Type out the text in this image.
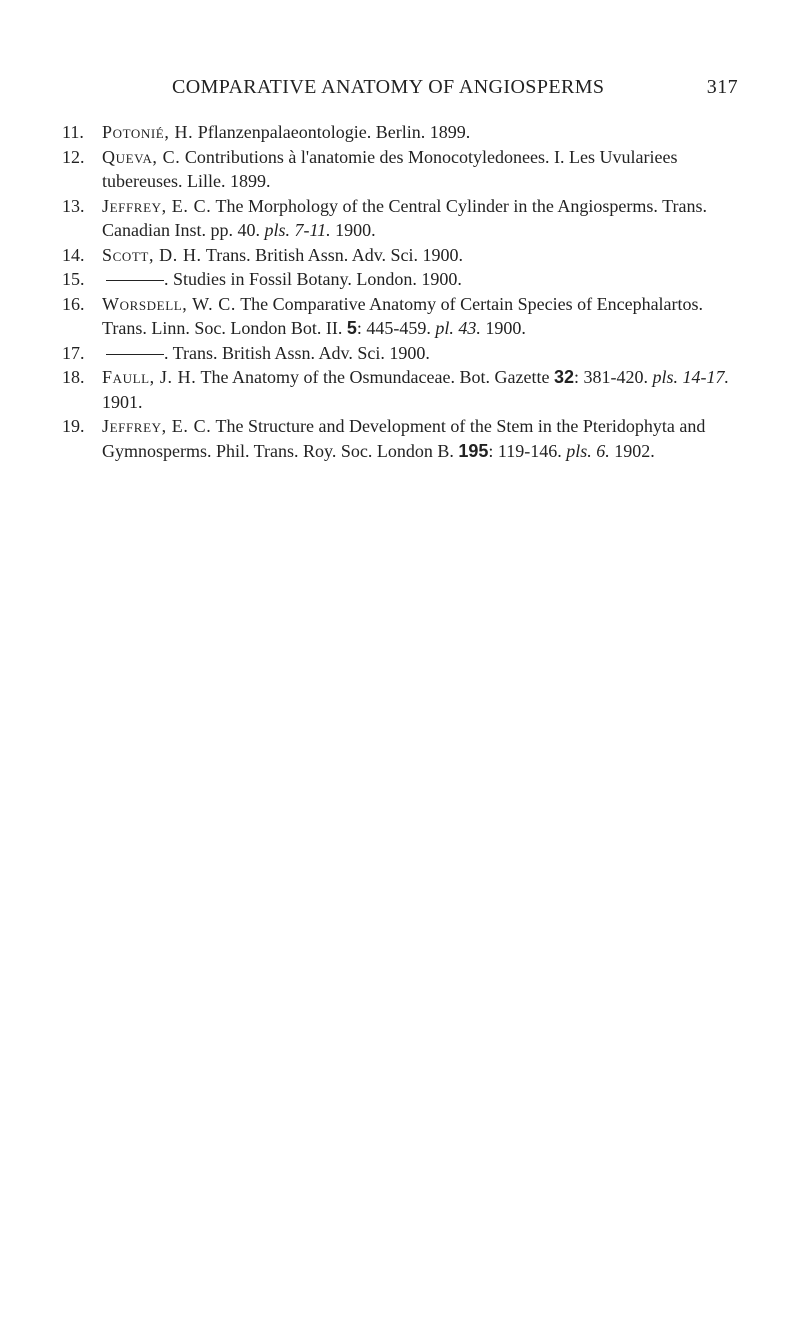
COMPARATIVE ANATOMY OF ANGIOSPERMS	317
11. Potonié, H. Pflanzenpalaeontologie. Berlin. 1899.
12. Queva, C. Contributions à l'anatomie des Monocotyledonees. I. Les Uvulariees tubereuses. Lille. 1899.
13. Jeffrey, E. C. The Morphology of the Central Cylinder in the Angiosperms. Trans. Canadian Inst. pp. 40. pls. 7-11. 1900.
14. Scott, D. H. Trans. British Assn. Adv. Sci. 1900.
15.	. Studies in Fossil Botany. London. 1900.
16. Worsdell, W. C. The Comparative Anatomy of Certain Species of Encephalartos. Trans. Linn. Soc. London Bot. II. 5: 445-459. pl. 43. 1900.
17.	. Trans. British Assn. Adv. Sci. 1900.
18. Faull, J. H. The Anatomy of the Osmundaceae. Bot. Gazette 32: 381-420. pls. 14-17. 1901.
19. Jeffrey, E. C. The Structure and Development of the Stem in the Pteridophyta and Gymnosperms. Phil. Trans. Roy. Soc. London B. 195: 119-146. pls. 6. 1902.
